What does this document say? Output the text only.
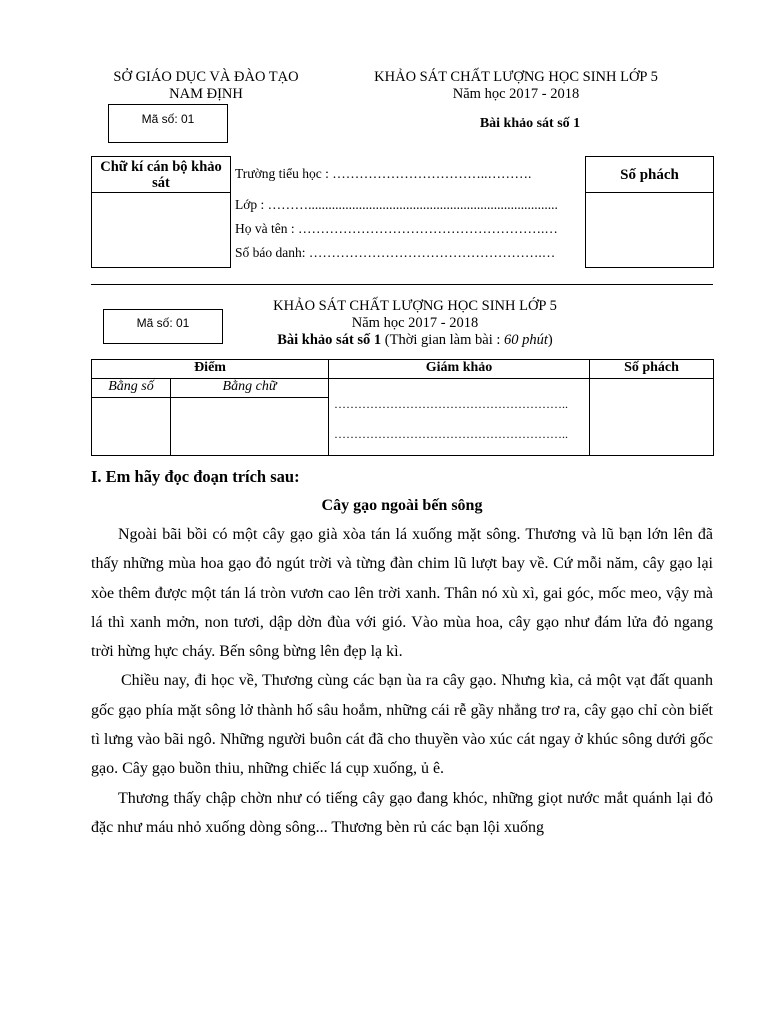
SỞ GIÁO DỤC VÀ ĐÀO TẠO
NAM ĐỊNH
KHẢO SÁT CHẤT LƯỢNG HỌC SINH LỚP 5
Năm học 2017 - 2018
Mã số: 01	Bài khảo sát số 1
Chữ kí cán bộ khảo sát
Trường tiểu học : ……………………………..……….
Lớp : ………..........................................................................
Họ và tên : ……………………………………………….…
Số báo danh: …………………………………………….…
Số phách
KHẢO SÁT CHẤT LƯỢNG HỌC SINH LỚP 5
Năm học 2017 - 2018
Bài khảo sát số 1 (Thời gian làm bài : 60 phút)
Mã số: 01
Điểm		Giám khảo	Số phách
Bằng số	Bằng chữ	…………………………………………………..
…………………………………………………..	

I. Em hãy đọc đoạn trích sau:
Cây gạo ngoài bến sông

Ngoài bãi bồi có một cây gạo già xòa tán lá xuống mặt sông. Thương và lũ bạn lớn lên đã thấy những mùa hoa gạo đỏ ngút trời và từng đàn chim lũ lượt bay về. Cứ mỗi năm, cây gạo lại xòe thêm được một tán lá tròn vươn cao lên trời xanh. Thân nó xù xì, gai góc, mốc meo, vậy mà lá thì xanh mởn, non tươi, dập dờn đùa với gió. Vào mùa hoa, cây gạo như đám lửa đỏ ngang trời hừng hực cháy. Bến sông bừng lên đẹp lạ kì.

Chiều nay, đi học về, Thương cùng các bạn ùa ra cây gạo. Nhưng kìa, cả một vạt đất quanh gốc gạo phía mặt sông lở thành hố sâu hoắm, những cái rễ gầy nhẳng trơ ra, cây gạo chỉ còn biết tì lưng vào bãi ngô. Những người buôn cát đã cho thuyền vào xúc cát ngay ở khúc sông dưới gốc gạo. Cây gạo buồn thiu, những chiếc lá cụp xuống, ủ ê.

Thương thấy chập chờn như có tiếng cây gạo đang khóc, những giọt nước mắt quánh lại đỏ đặc như máu nhỏ xuống dòng sông... Thương bèn rủ các bạn lội xuống
